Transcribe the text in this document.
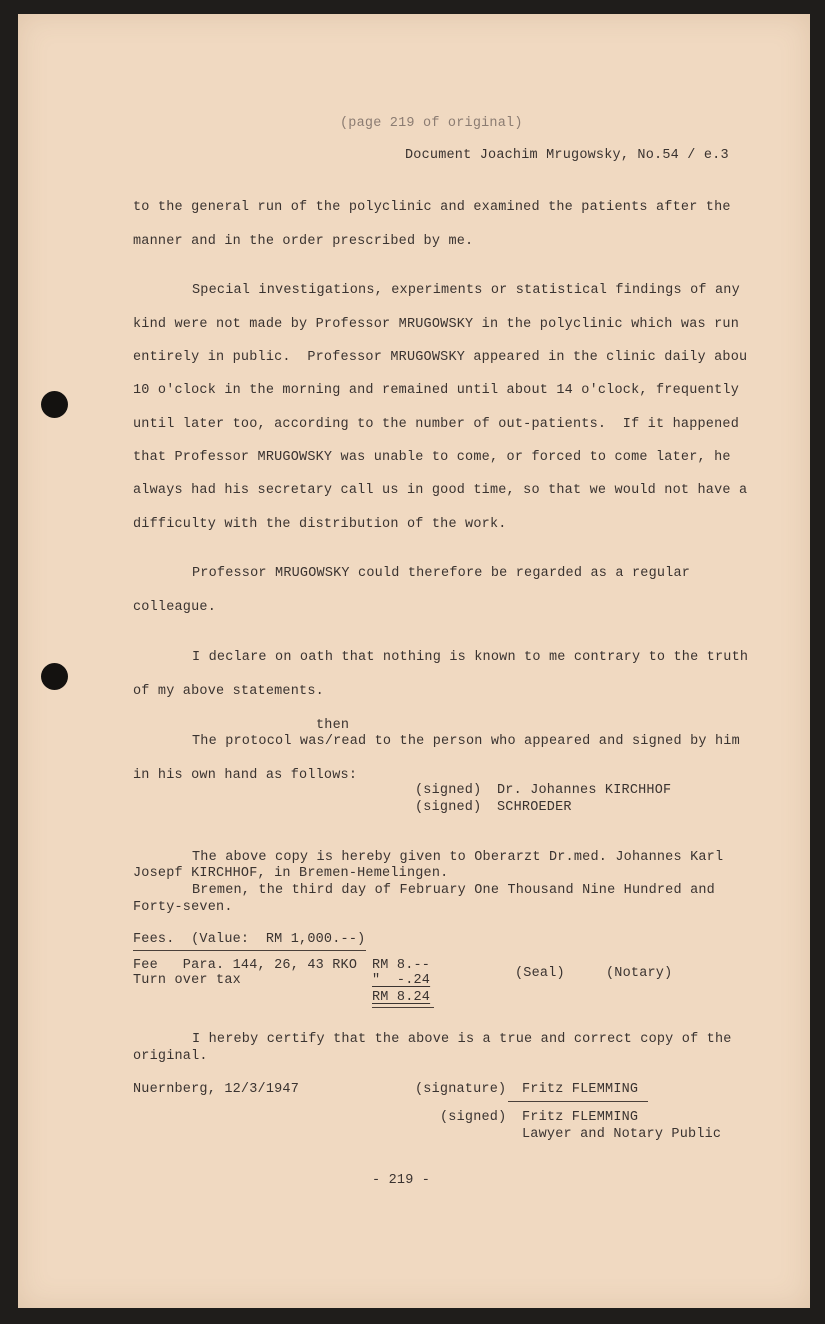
(page 219 of original)
Document Joachim Mrugowsky, No.54 / e.3
to the general run of the polyclinic and examined the patients after the
manner and in the order prescribed by me.
Special investigations, experiments or statistical findings of any
kind were not made by Professor MRUGOWSKY in the polyclinic which was run
entirely in public.  Professor MRUGOWSKY appeared in the clinic daily abou
10 o'clock in the morning and remained until about 14 o'clock, frequently
until later too, according to the number of out-patients.  If it happened
that Professor MRUGOWSKY was unable to come, or forced to come later, he
always had his secretary call us in good time, so that we would not have a
difficulty with the distribution of the work.
Professor MRUGOWSKY could therefore be regarded as a regular
colleague.
I declare on oath that nothing is known to me contrary to the truth
of my above statements.
then
The protocol was/read to the person who appeared and signed by him
in his own hand as follows:
(signed) Dr. Johannes KIRCHHOF
(signed) SCHROEDER
The above copy is hereby given to Oberarzt Dr.med. Johannes Karl
Josepf KIRCHHOF, in Bremen-Hemelingen.
Bremen, the third day of February One Thousand Nine Hundred and
Forty-seven.
Fees.  (Value:  RM 1,000.--)
Fee   Para. 144, 26, 43 RKO RM 8.--
Turn over tax	"  -.24
RM 8.24
(Seal)	(Notary)
I hereby certify that the above is a true and correct copy of the
original.
Nuernberg, 12/3/1947	(signature) Fritz FLEMMING
(signed) Fritz FLEMMING
Lawyer and Notary Public
- 219 -
